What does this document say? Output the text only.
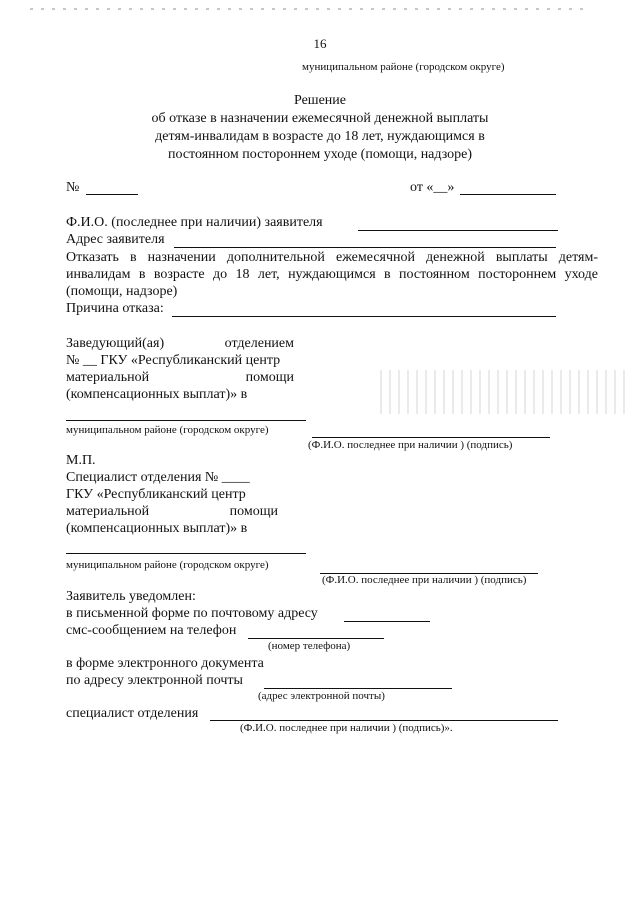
16
муниципальном районе (городском округе)
Решение
об отказе в назначении ежемесячной денежной выплаты
детям-инвалидам в возрасте до 18 лет, нуждающимся в
постоянном постороннем уходе (помощи, надзоре)
№	от «__»
Ф.И.О. (последнее при наличии) заявителя
Адрес заявителя
Отказать в назначении дополнительной ежемесячной денежной выплаты детям-
инвалидам в возрасте до 18 лет, нуждающимся в постоянном постороннем уходе
(помощи, надзоре)
Причина отказа:
Заведующий(ая) отделением
№ __ ГКУ «Республиканский центр
материальной помощи
(компенсационных выплат)» в
муниципальном районе (городском округе)
(Ф.И.О. последнее при наличии ) (подпись)
М.П.
Специалист отделения № ____
ГКУ «Республиканский центр
материальной помощи
(компенсационных выплат)» в
муниципальном районе (городском округе)
(Ф.И.О. последнее при наличии ) (подпись)
Заявитель уведомлен:
в письменной форме по почтовому адресу
смс-сообщением на телефон
(номер телефона)
в форме электронного документа
по адресу электронной почты
(адрес электронной почты)
специалист отделения
(Ф.И.О. последнее при наличии ) (подпись)».
